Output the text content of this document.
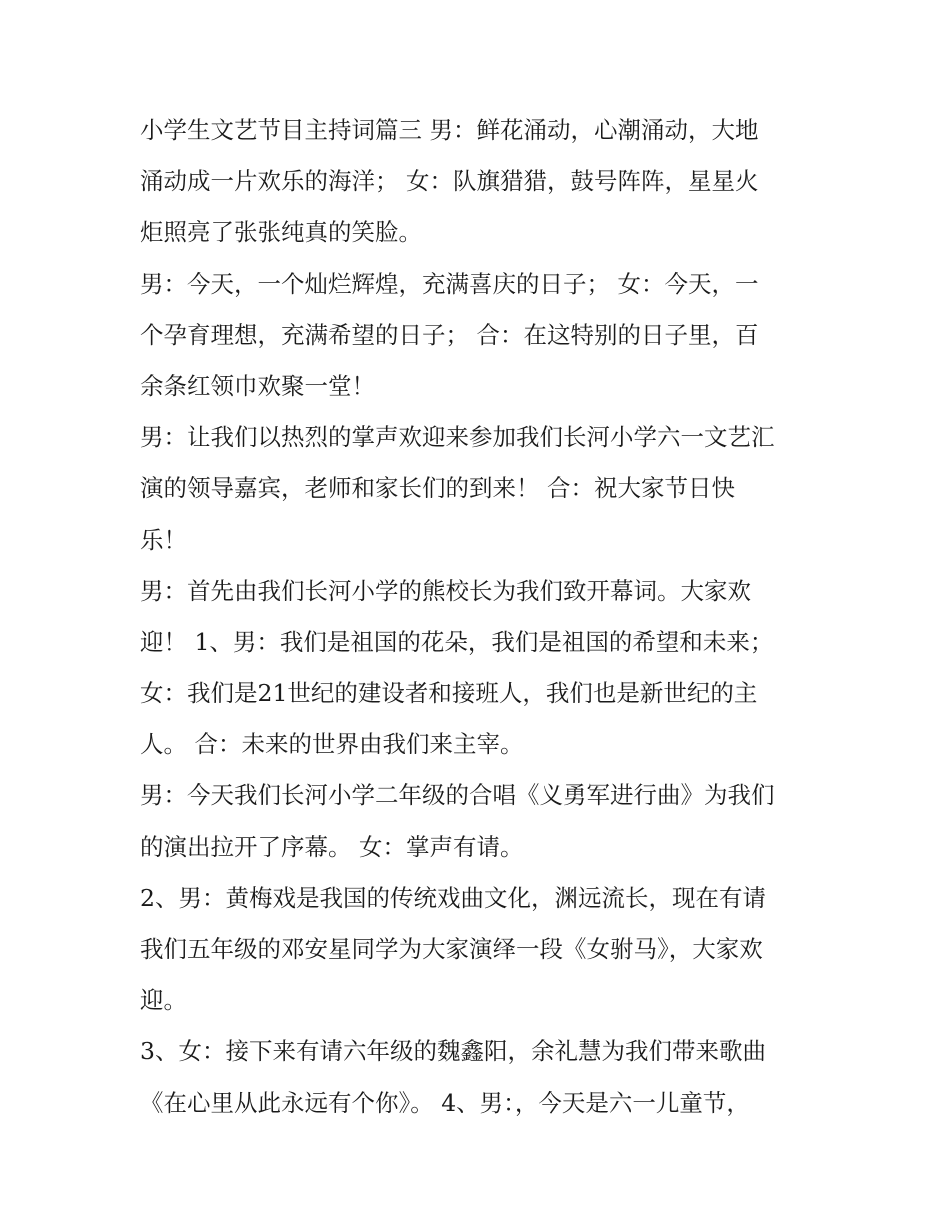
小学生文艺节目主持词篇三 男：鲜花涌动，心潮涌动，大地
涌动成一片欢乐的海洋； 女：队旗猎猎，鼓号阵阵，星星火
炬照亮了张张纯真的笑脸。
男：今天，一个灿烂辉煌，充满喜庆的日子； 女：今天，一
个孕育理想，充满希望的日子； 合：在这特别的日子里，百
余条红领巾欢聚一堂！
男：让我们以热烈的掌声欢迎来参加我们长河小学六一文艺汇
演的领导嘉宾，老师和家长们的到来！ 合：祝大家节日快
乐！
男：首先由我们长河小学的熊校长为我们致开幕词。大家欢
迎！ 1、男：我们是祖国的花朵，我们是祖国的希望和未来；
女：我们是21世纪的建设者和接班人，我们也是新世纪的主
人。 合：未来的世界由我们来主宰。
男：今天我们长河小学二年级的合唱《义勇军进行曲》为我们
的演出拉开了序幕。 女：掌声有请。
2、男：黄梅戏是我国的传统戏曲文化，渊远流长，现在有请
我们五年级的邓安星同学为大家演绎一段《女驸马》，大家欢
迎。
3、女：接下来有请六年级的魏鑫阳，余礼慧为我们带来歌曲
《在心里从此永远有个你》。 4、男：，今天是六一儿童节，
